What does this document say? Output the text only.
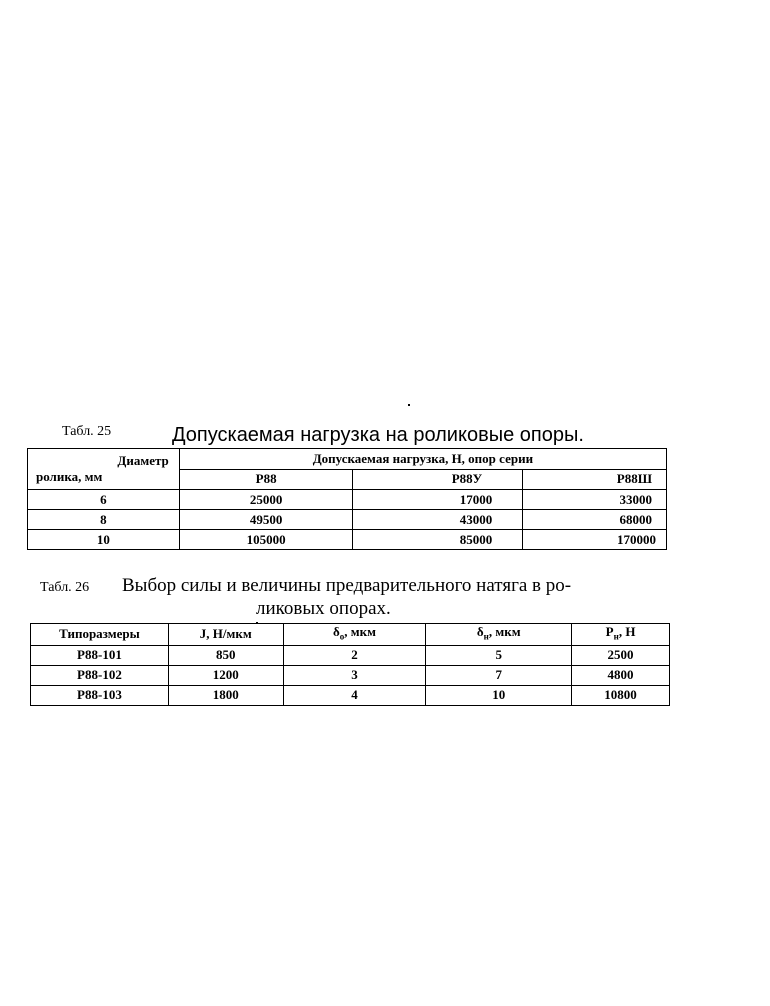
Табл. 25	Допускаемая нагрузка на роликовые опоры.
Диаметр
ролика, мм	Допускаемая нагрузка, Н, опор серии		
	Р88	Р88У	Р88Ш
6	25000	17000	33000
8	49500	43000	68000
10	105000	85000	170000
Табл. 26 Выбор силы и величины предварительного натяга в ро-
ликовых опорах.
Типоразмеры	J, Н/мкм	$\delta_о$, мкм	$\delta_н$, мкм	$Р_н$, Н
Р88-101	850	2	5	2500
Р88-102	1200	3	7	4800
Р88-103	1800	4	10	10800
